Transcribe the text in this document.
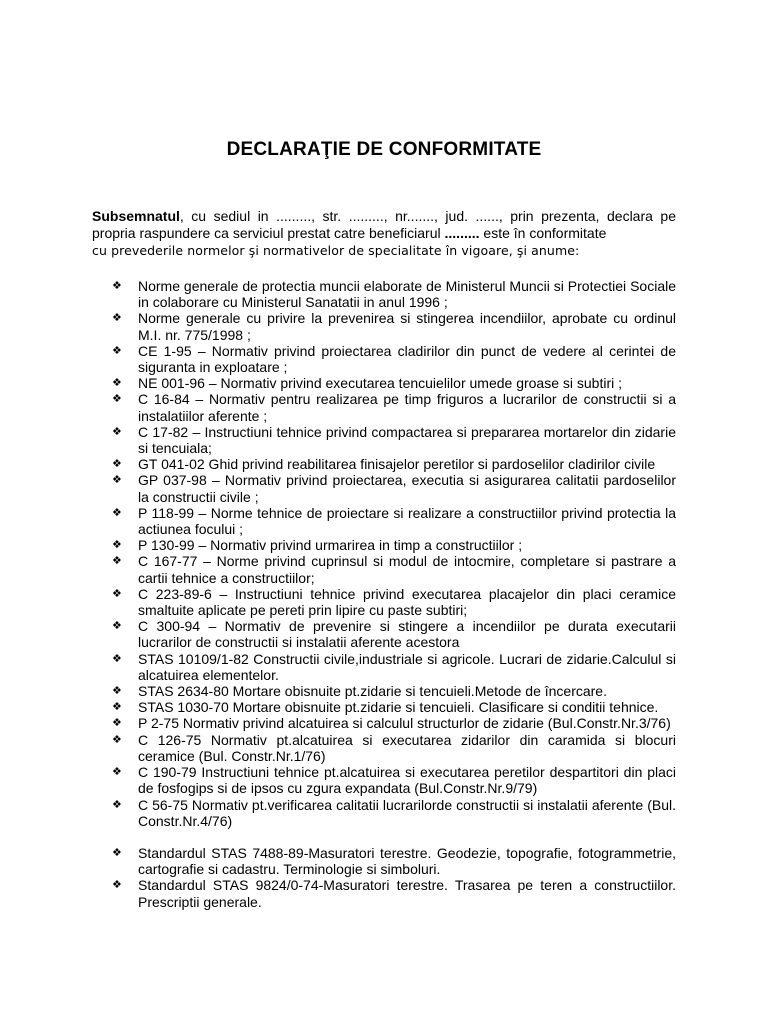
DECLARAŢIE DE CONFORMITATE
Subsemnatul, cu sediul in ........., str. ........., nr......., jud. ......, prin prezenta, declara pe propria raspundere ca serviciul prestat catre beneficiarul ......... este în conformitate
cu prevederile normelor şi normativelor de specialitate în vigoare, şi anume:
❖	Norme generale de protectia muncii elaborate de Ministerul Muncii si Protectiei Sociale in colaborare cu Ministerul Sanatatii in anul 1996 ;
❖	Norme generale cu privire la prevenirea si stingerea incendiilor, aprobate cu ordinul M.I. nr. 775/1998 ;
❖	CE 1-95 – Normativ privind proiectarea cladirilor din punct de vedere al cerintei de siguranta in exploatare ;
❖	NE 001-96 – Normativ privind executarea tencuielilor umede groase si subtiri ;
❖	C 16-84 – Normativ pentru realizarea pe timp friguros a lucrarilor de constructii si a instalatiilor aferente ;
❖	C 17-82 – Instructiuni tehnice privind compactarea si prepararea mortarelor din zidarie si tencuiala;
❖	GT 041-02 Ghid privind reabilitarea finisajelor peretilor si pardoselilor cladirilor civile
❖	GP 037-98 – Normativ privind proiectarea, executia si asigurarea calitatii pardoselilor la constructii civile ;
❖	P 118-99 – Norme tehnice de proiectare si realizare a constructiilor privind protectia la actiunea focului ;
❖	P 130-99 – Normativ privind urmarirea in timp a constructiilor ;
❖	C 167-77 – Norme privind cuprinsul si modul de intocmire, completare si pastrare a cartii tehnice a constructiilor;
❖	C 223-89-6 – Instructiuni tehnice privind executarea placajelor din placi ceramice smaltuite aplicate pe pereti prin lipire cu paste subtiri;
❖	C 300-94 – Normativ de prevenire si stingere a incendiilor pe durata executarii lucrarilor de constructii si instalatii aferente acestora
❖	STAS 10109/1-82 Constructii civile,industriale si agricole. Lucrari de zidarie.Calculul si alcatuirea elementelor.
❖	STAS 2634-80 Mortare obisnuite pt.zidarie si tencuieli.Metode de încercare.
❖	STAS 1030-70 Mortare obisnuite pt.zidarie si tencuieli. Clasificare si conditii tehnice.
❖	P 2-75 Normativ privind alcatuirea si calculul structurlor de zidarie (Bul.Constr.Nr.3/76)
❖	C 126-75 Normativ pt.alcatuirea si executarea zidarilor din caramida si blocuri ceramice (Bul. Constr.Nr.1/76)
❖	C 190-79 Instructiuni tehnice pt.alcatuirea si executarea peretilor despartitori din placi de fosfogips si de ipsos cu zgura expandata (Bul.Constr.Nr.9/79)
❖	C 56-75 Normativ pt.verificarea calitatii lucrarilorde constructii si instalatii aferente (Bul. Constr.Nr.4/76)
❖	Standardul STAS 7488-89-Masuratori terestre. Geodezie, topografie, fotogrammetrie, cartografie si cadastru. Terminologie si simboluri.
❖	Standardul STAS 9824/0-74-Masuratori terestre. Trasarea pe teren a constructiilor. Prescriptii generale.
